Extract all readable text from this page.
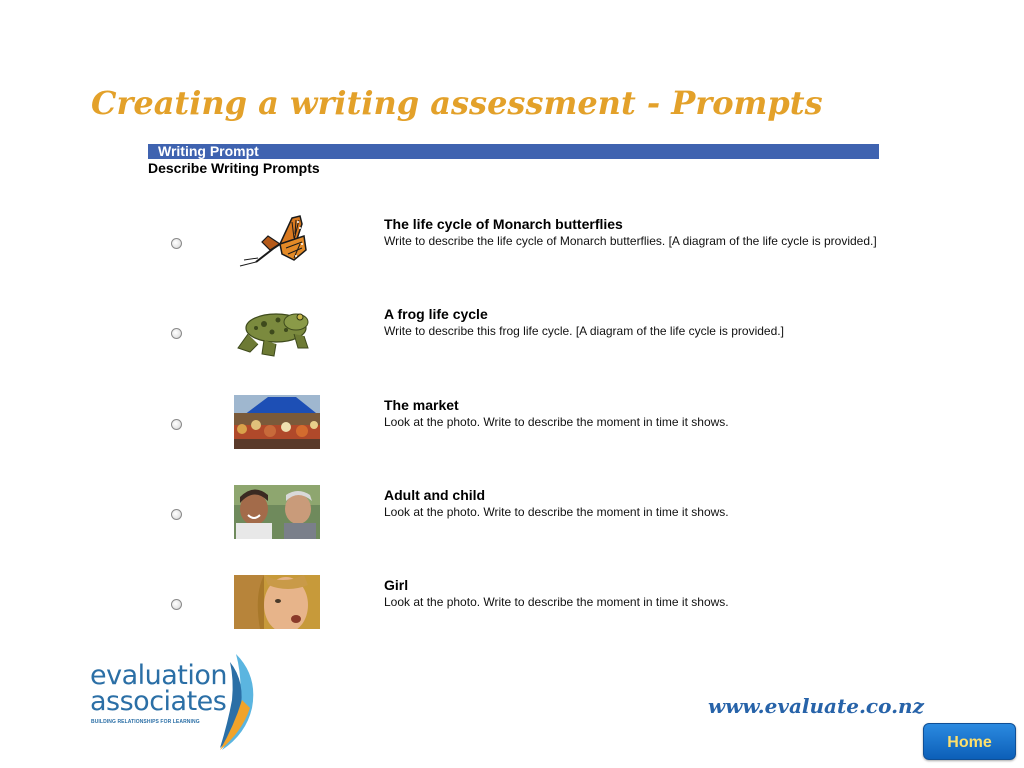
Creating a writing assessment - Prompts
Writing Prompt
Describe Writing Prompts
The life cycle of Monarch butterflies
Write to describe the life cycle of Monarch butterflies. [A diagram of the life cycle is provided.]
A frog life cycle
Write to describe this frog life cycle. [A diagram of the life cycle is provided.]
The market
Look at the photo. Write to describe the moment in time it shows.
Adult and child
Look at the photo. Write to describe the moment in time it shows.
Girl
Look at the photo. Write to describe the moment in time it shows.
evaluation
associates
BUILDING RELATIONSHIPS FOR LEARNING
www.evaluate.co.nz
Home
